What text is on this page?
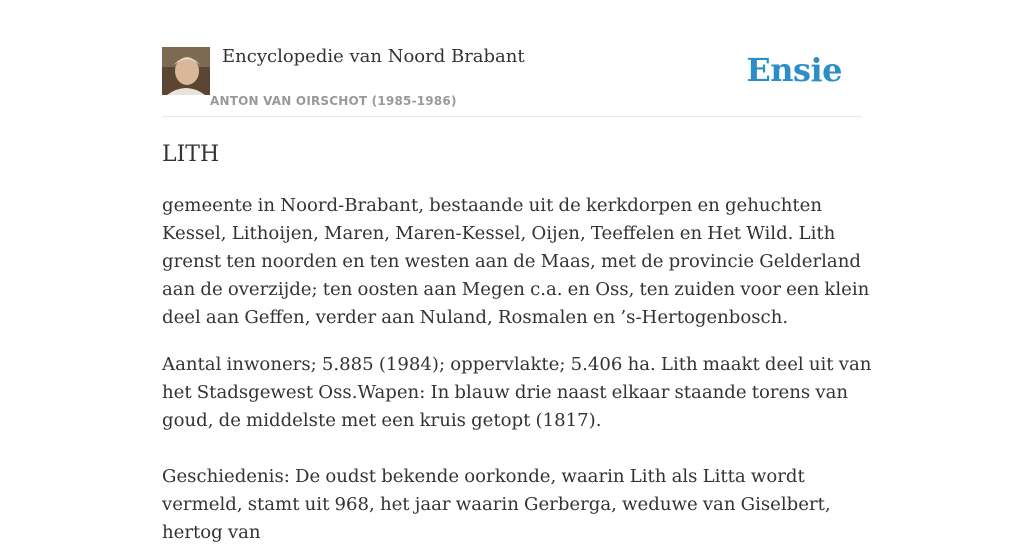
Encyclopedie van Noord Brabant
ANTON VAN OIRSCHOT (1985-1986)
Ensie
LITH

gemeente in Noord-Brabant, bestaande uit de kerkdorpen en gehuchten Kessel, Lithoijen, Maren, Maren-Kessel, Oijen, Teeffelen en Het Wild. Lith grenst ten noorden en ten westen aan de Maas, met de provincie Gelderland aan de overzijde; ten oosten aan Megen c.a. en Oss, ten zuiden voor een klein deel aan Geffen, verder aan Nuland, Rosmalen en ’s-Hertogenbosch.

Aantal inwoners; 5.885 (1984); oppervlakte; 5.406 ha. Lith maakt deel uit van het Stadsgewest Oss.Wapen: In blauw drie naast elkaar staande torens van goud, de middelste met een kruis getopt (1817).

Geschiedenis: De oudst bekende oorkonde, waarin Lith als Litta wordt vermeld, stamt uit 968, het jaar waarin Gerberga, weduwe van Giselbert, hertog van
